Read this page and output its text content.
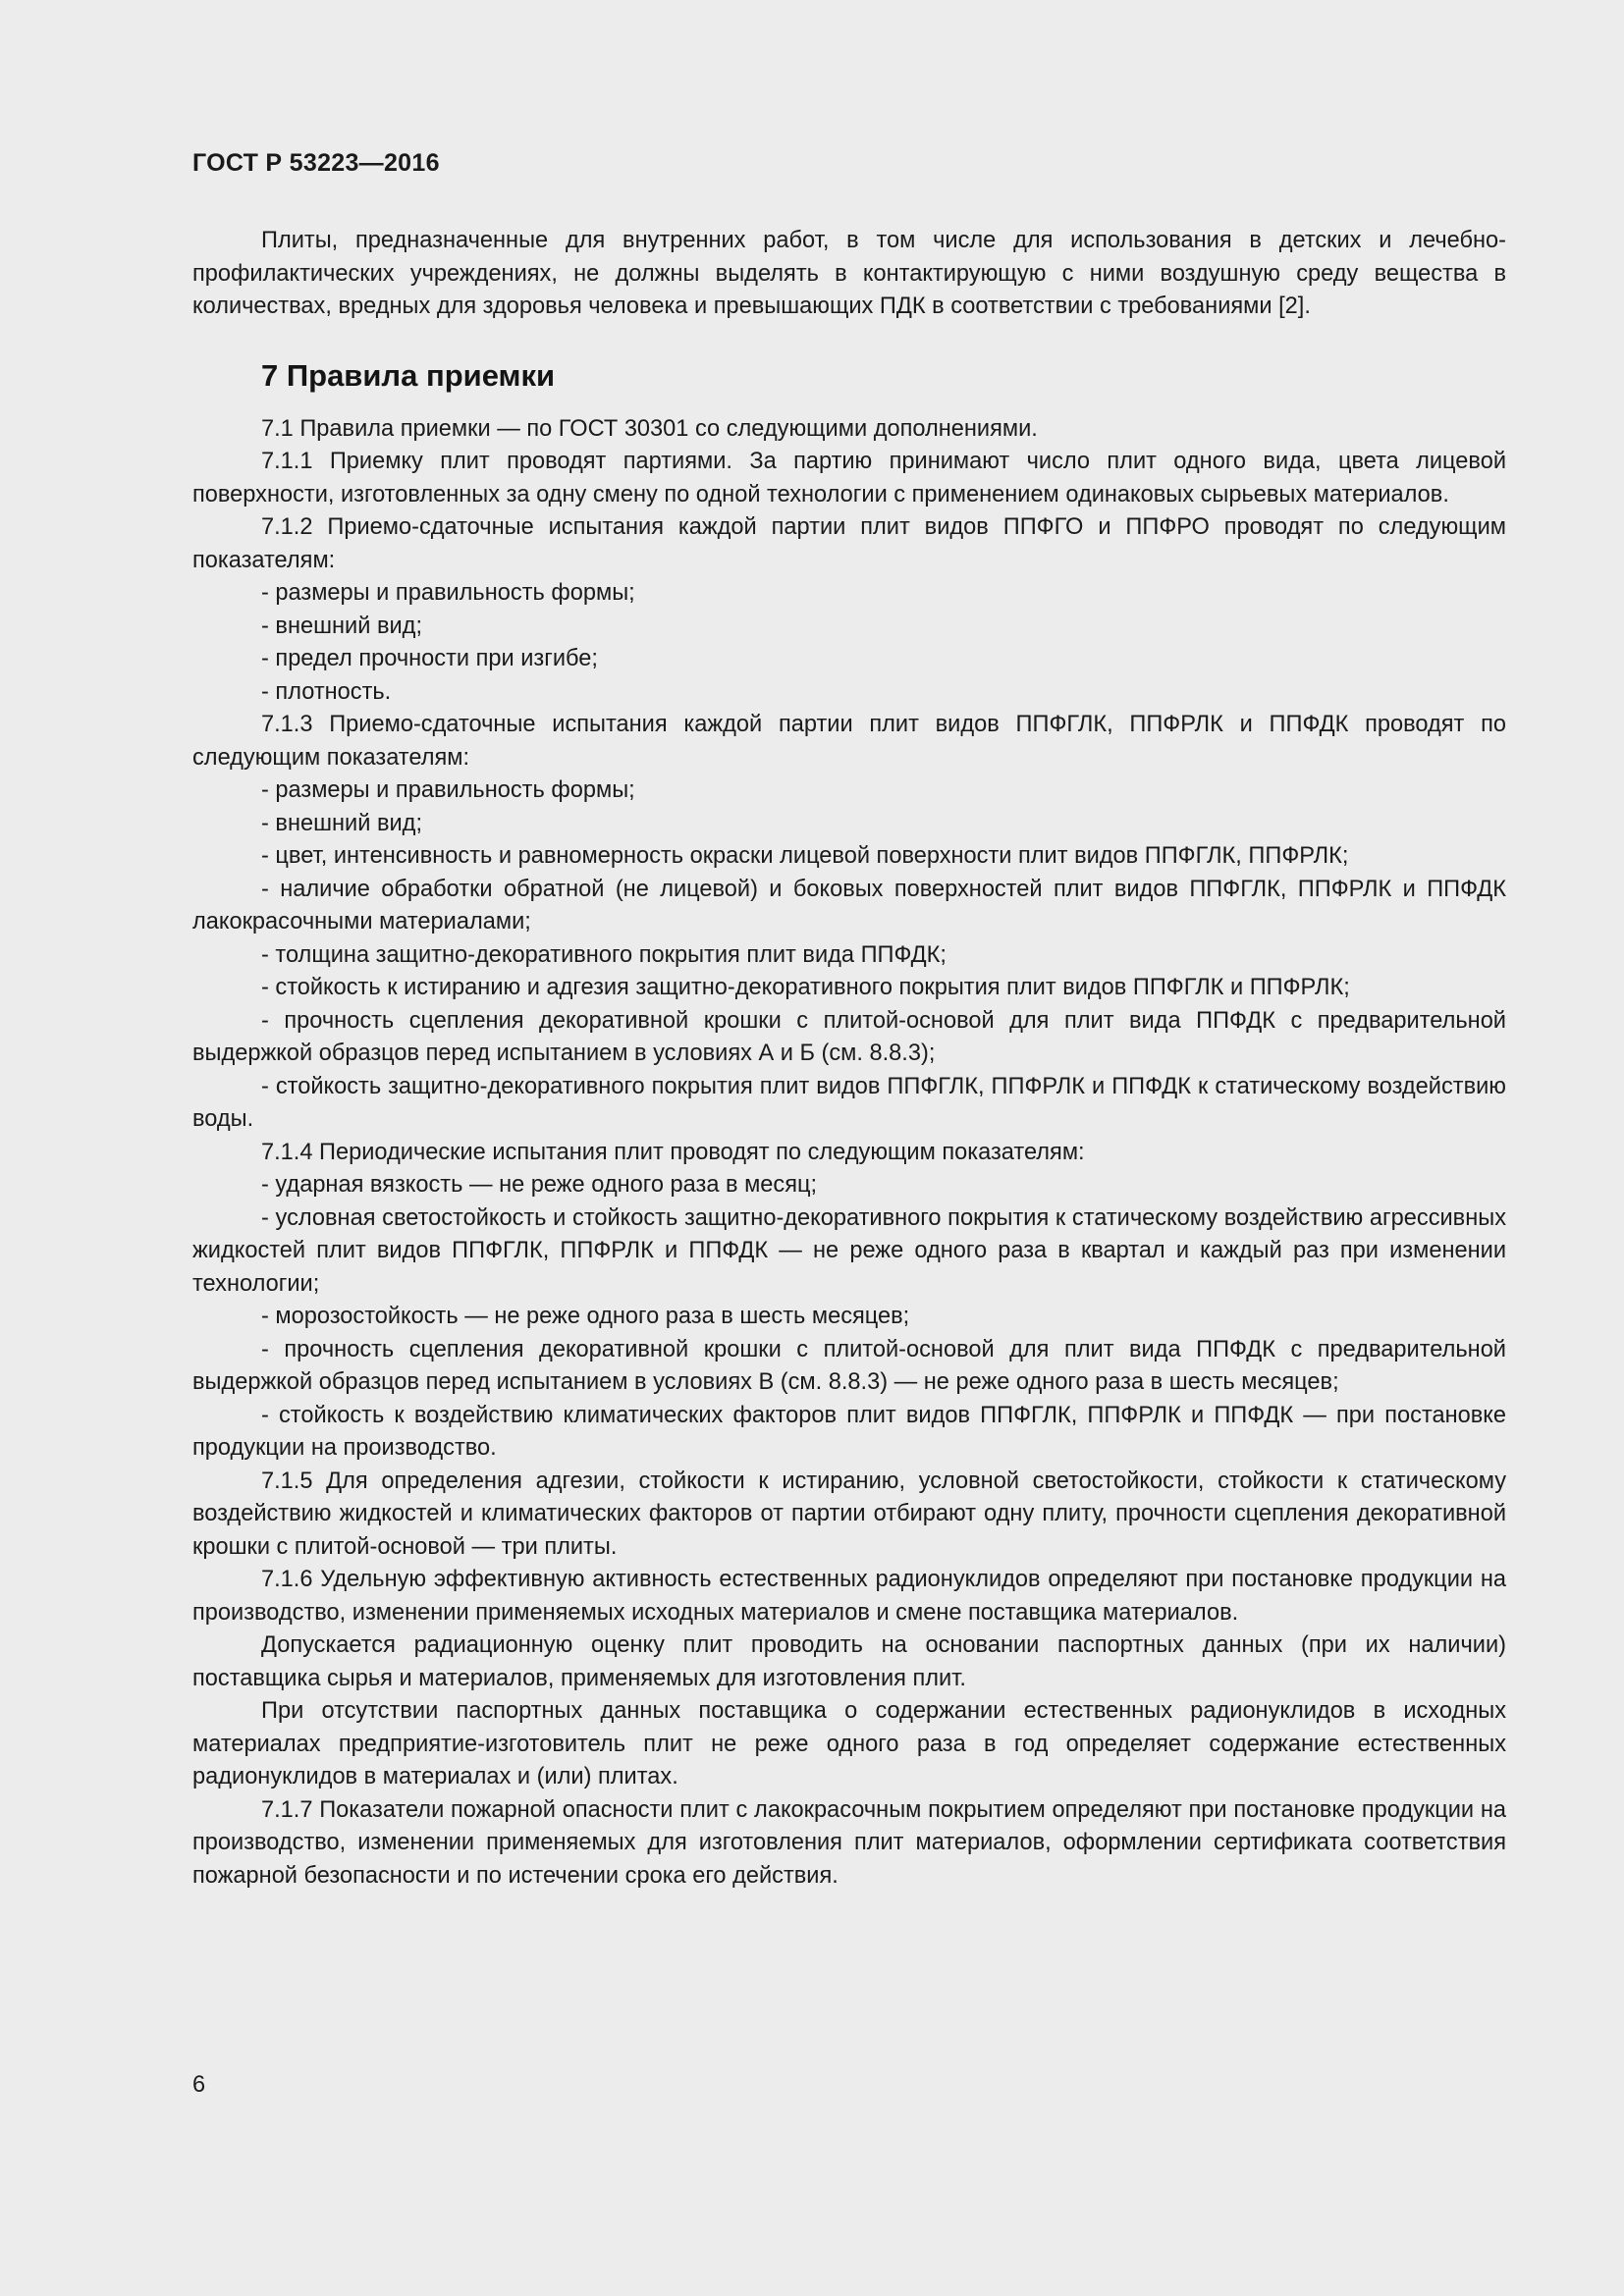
ГОСТ Р 53223—2016

Плиты, предназначенные для внутренних работ, в том числе для использования в детских и лечебно-профилактических учреждениях, не должны выделять в контактирующую с ними воздушную среду вещества в количествах, вредных для здоровья человека и превышающих ПДК в соответствии с требованиями [2].

7 Правила приемки

7.1 Правила приемки — по ГОСТ 30301 со следующими дополнениями.

7.1.1 Приемку плит проводят партиями. За партию принимают число плит одного вида, цвета лицевой поверхности, изготовленных за одну смену по одной технологии с применением одинаковых сырьевых материалов.

7.1.2 Приемо-сдаточные испытания каждой партии плит видов ППФГО и ППФРО проводят по следующим показателям:

- размеры и правильность формы;

- внешний вид;

- предел прочности при изгибе;

- плотность.

7.1.3 Приемо-сдаточные испытания каждой партии плит видов ППФГЛК, ППФРЛК и ППФДК проводят по следующим показателям:

- размеры и правильность формы;

- внешний вид;

- цвет, интенсивность и равномерность окраски лицевой поверхности плит видов ППФГЛК, ППФРЛК;

- наличие обработки обратной (не лицевой) и боковых поверхностей плит видов ППФГЛК, ППФРЛК и ППФДК лакокрасочными материалами;

- толщина защитно-декоративного покрытия плит вида ППФДК;

- стойкость к истиранию и адгезия защитно-декоративного покрытия плит видов ППФГЛК и ППФРЛК;

- прочность сцепления декоративной крошки с плитой-основой для плит вида ППФДК с предварительной выдержкой образцов перед испытанием в условиях А и Б (см. 8.8.3);

- стойкость защитно-декоративного покрытия плит видов ППФГЛК, ППФРЛК и ППФДК к статическому воздействию воды.

7.1.4 Периодические испытания плит проводят по следующим показателям:

- ударная вязкость — не реже одного раза в месяц;

- условная светостойкость и стойкость защитно-декоративного покрытия к статическому воздействию агрессивных жидкостей плит видов ППФГЛК, ППФРЛК и ППФДК — не реже одного раза в квартал и каждый раз при изменении технологии;

- морозостойкость — не реже одного раза в шесть месяцев;

- прочность сцепления декоративной крошки с плитой-основой для плит вида ППФДК с предварительной выдержкой образцов перед испытанием в условиях В (см. 8.8.3) — не реже одного раза в шесть месяцев;

- стойкость к воздействию климатических факторов плит видов ППФГЛК, ППФРЛК и ППФДК — при постановке продукции на производство.

7.1.5 Для определения адгезии, стойкости к истиранию, условной светостойкости, стойкости к статическому воздействию жидкостей и климатических факторов от партии отбирают одну плиту, прочности сцепления декоративной крошки с плитой-основой — три плиты.

7.1.6 Удельную эффективную активность естественных радионуклидов определяют при постановке продукции на производство, изменении применяемых исходных материалов и смене поставщика материалов.

Допускается радиационную оценку плит проводить на основании паспортных данных (при их наличии) поставщика сырья и материалов, применяемых для изготовления плит.

При отсутствии паспортных данных поставщика о содержании естественных радионуклидов в исходных материалах предприятие-изготовитель плит не реже одного раза в год определяет содержание естественных радионуклидов в материалах и (или) плитах.

7.1.7 Показатели пожарной опасности плит с лакокрасочным покрытием определяют при постановке продукции на производство, изменении применяемых для изготовления плит материалов, оформлении сертификата соответствия пожарной безопасности и по истечении срока его действия.

6
